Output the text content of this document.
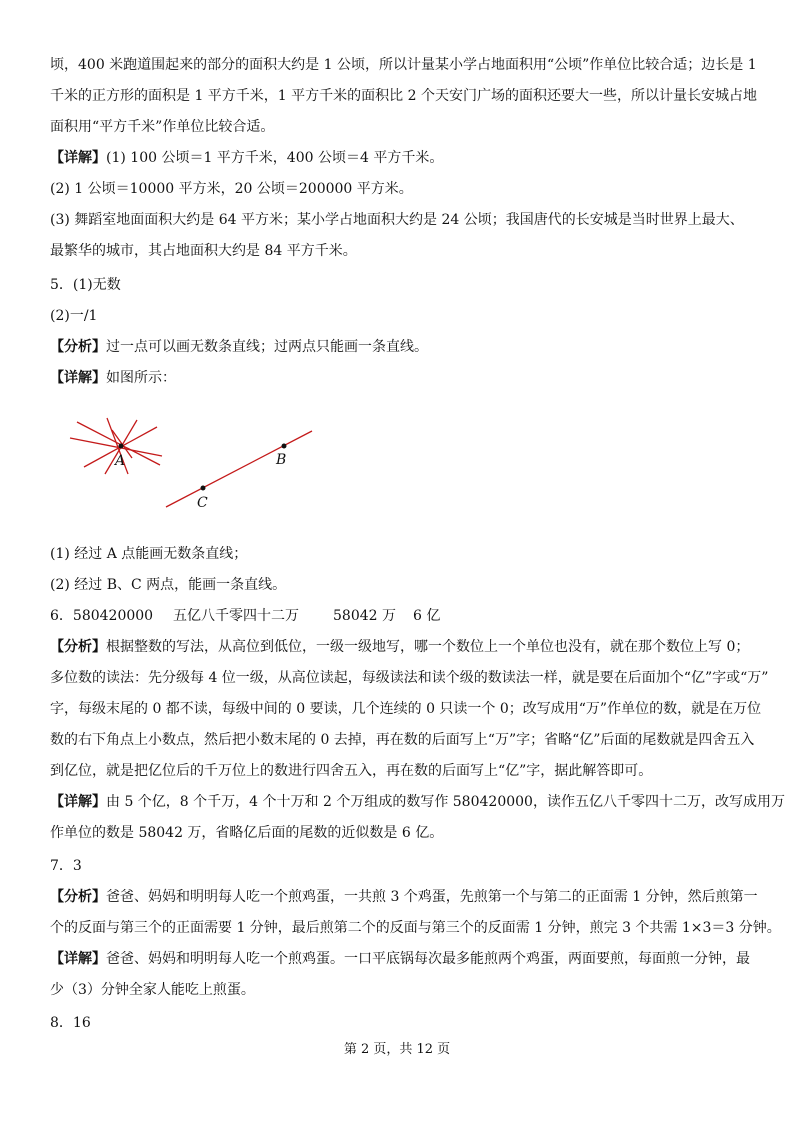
顷，400 米跑道围起来的部分的面积大约是 1 公顷，所以计量某小学占地面积用“公顷”作单位比较合适；边长是 1
千米的正方形的面积是 1 平方千米，1 平方千米的面积比 2 个天安门广场的面积还要大一些，所以计量长安城占地
面积用“平方千米”作单位比较合适。
【详解】(1) 100 公顷＝1 平方千米，400 公顷＝4 平方千米。
(2) 1 公顷＝10000 平方米，20 公顷＝200000 平方米。
(3) 舞蹈室地面面积大约是 64 平方米；某小学占地面积大约是 24 公顷；我国唐代的长安城是当时世界上最大、
最繁华的城市，其占地面积大约是 84 平方千米。
5．(1)无数
(2)一/1
【分析】过一点可以画无数条直线；过两点只能画一条直线。
【详解】如图所示：
(1) 经过 A 点能画无数条直线；
(2) 经过 B、C 两点，能画一条直线。
6．580420000 五亿八千零四十二万 58042 万 6 亿
【分析】根据整数的写法，从高位到低位，一级一级地写，哪一个数位上一个单位也没有，就在那个数位上写 0；
多位数的读法：先分级每 4 位一级，从高位读起，每级读法和读个级的数读法一样，就是要在后面加个“亿”字或“万”
字，每级末尾的 0 都不读，每级中间的 0 要读，几个连续的 0 只读一个 0；改写成用“万”作单位的数，就是在万位
数的右下角点上小数点，然后把小数末尾的 0 去掉，再在数的后面写上“万”字；省略“亿”后面的尾数就是四舍五入
到亿位，就是把亿位后的千万位上的数进行四舍五入，再在数的后面写上“亿”字，据此解答即可。
【详解】由 5 个亿，8 个千万，4 个十万和 2 个万组成的数写作 580420000，读作五亿八千零四十二万，改写成用万
作单位的数是 58042 万，省略亿后面的尾数的近似数是 6 亿。
7．3
【分析】爸爸、妈妈和明明每人吃一个煎鸡蛋，一共煎 3 个鸡蛋，先煎第一个与第二的正面需 1 分钟，然后煎第一
个的反面与第三个的正面需要 1 分钟，最后煎第二个的反面与第三个的反面需 1 分钟，煎完 3 个共需 1×3＝3 分钟。
【详解】爸爸、妈妈和明明每人吃一个煎鸡蛋。一口平底锅每次最多能煎两个鸡蛋，两面要煎，每面煎一分钟，最
少（3）分钟全家人能吃上煎蛋。
8．16
A	B
C
第 2 页，共 12 页
